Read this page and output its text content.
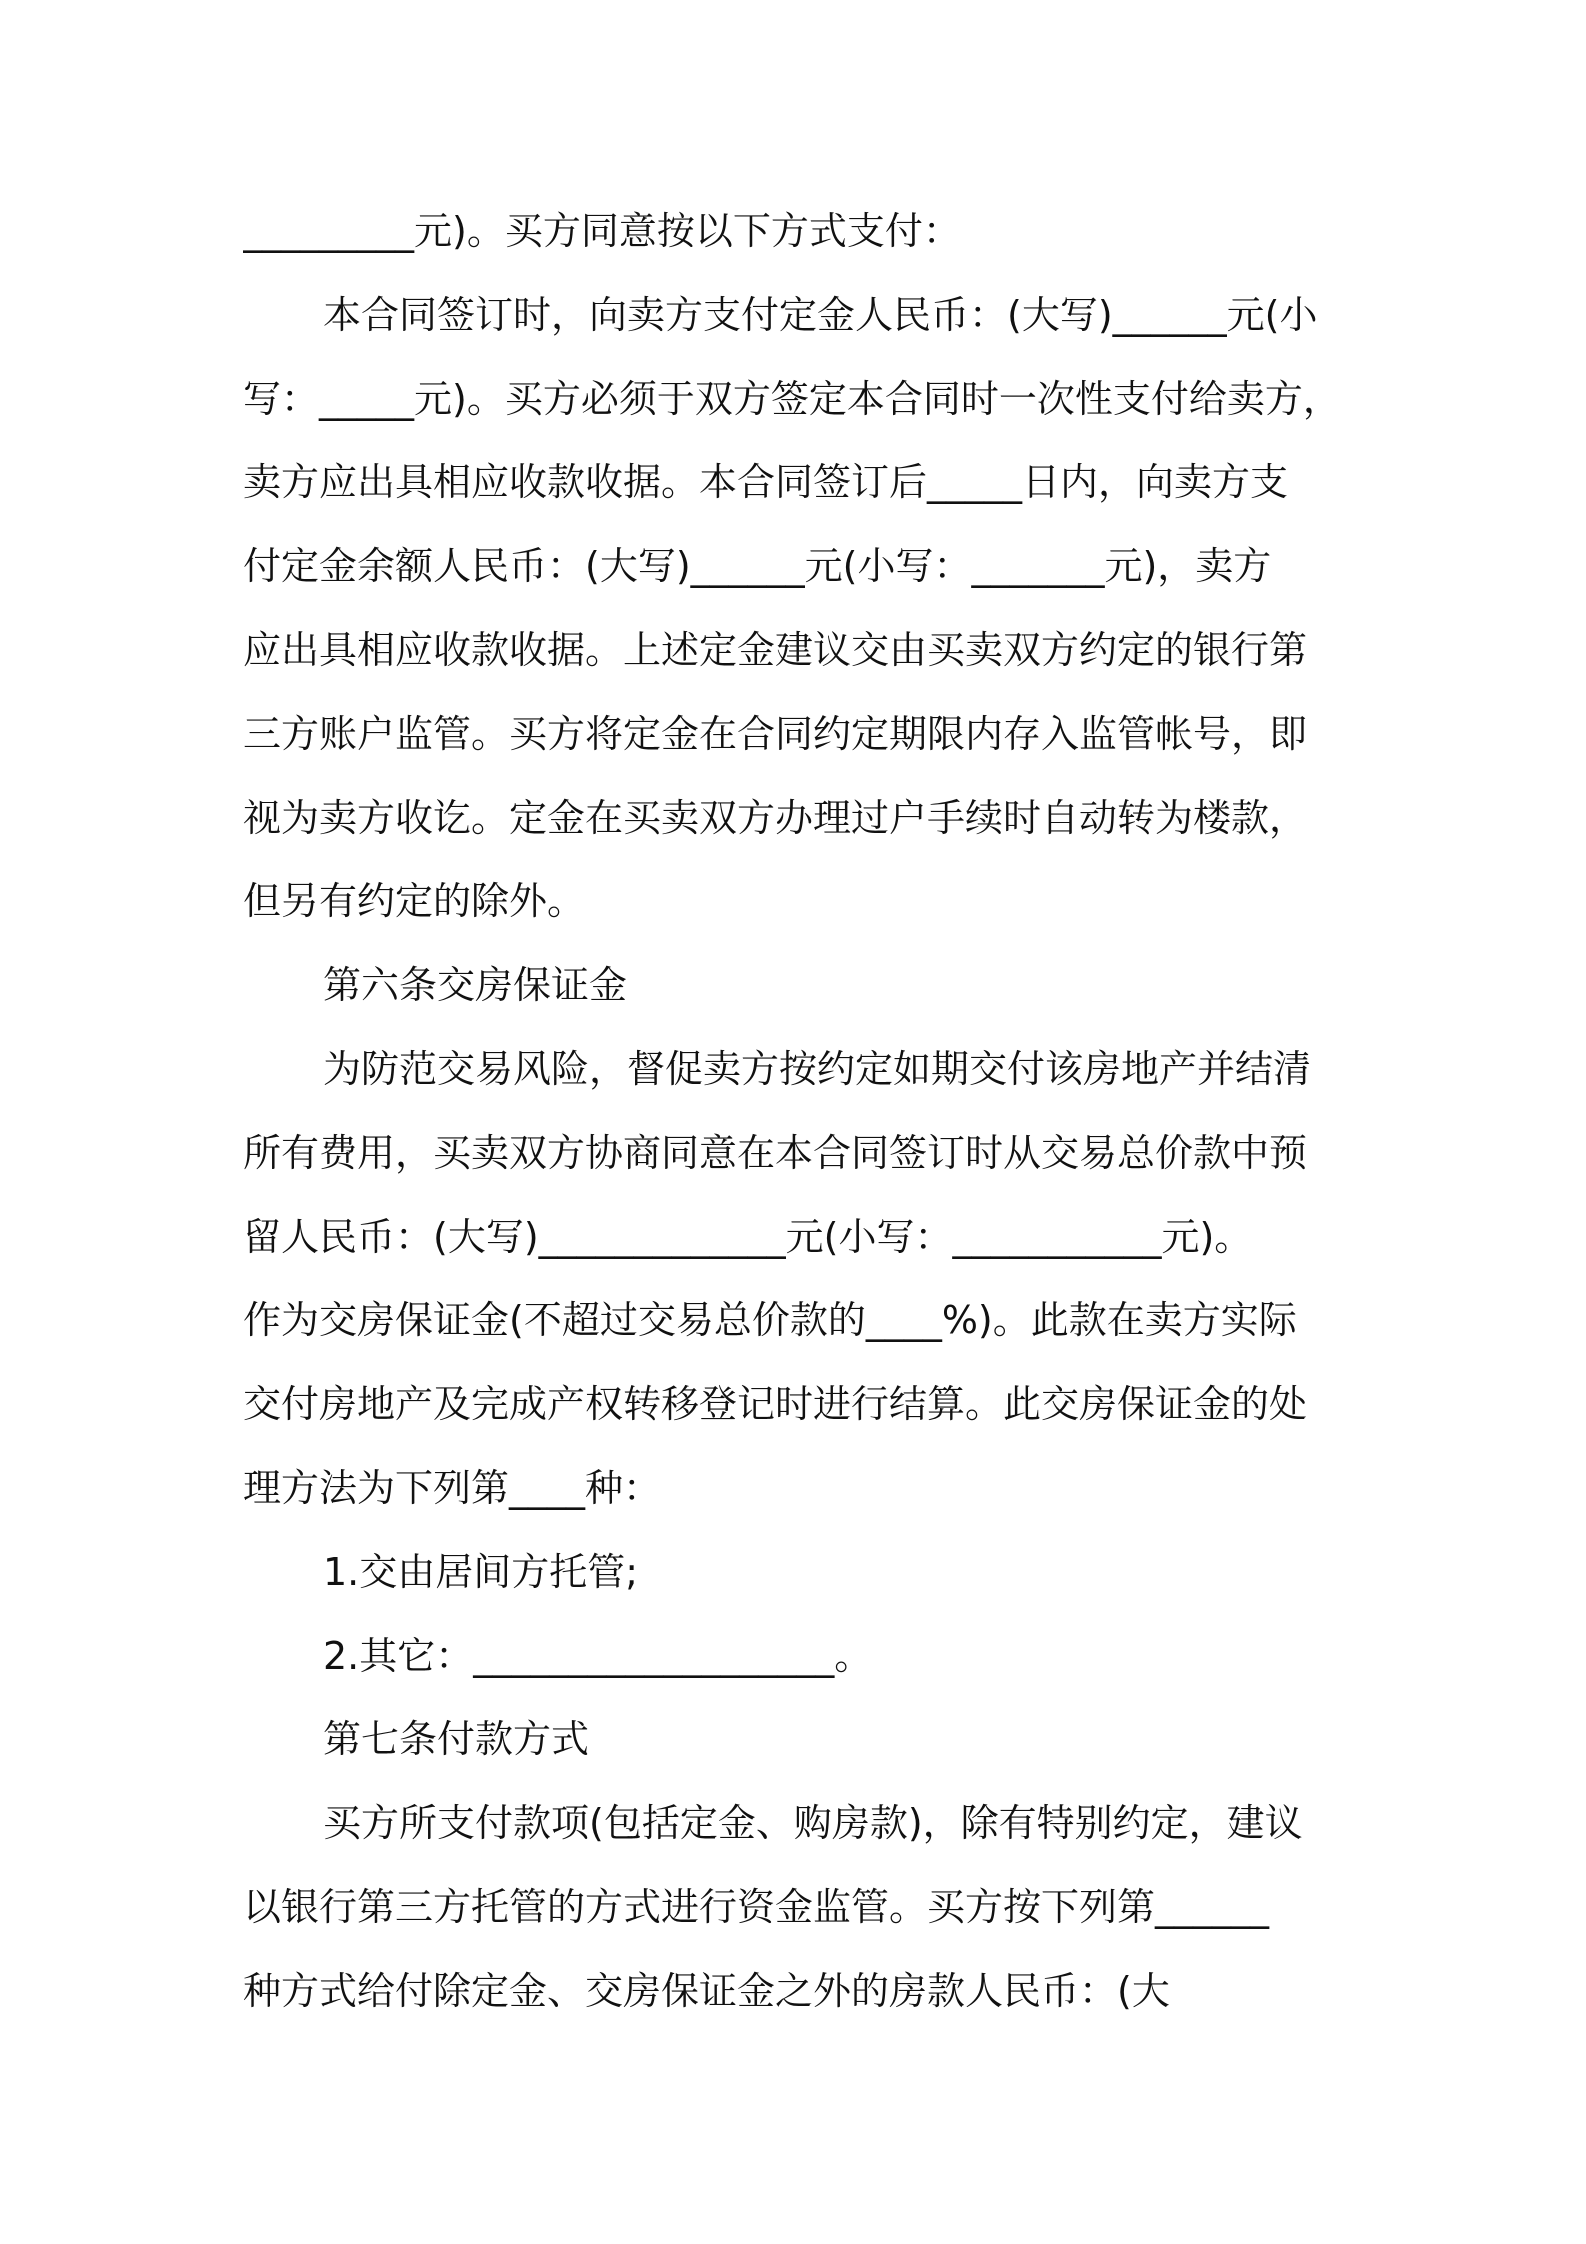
_________元)。买方同意按以下方式支付：
本合同签订时，向卖方支付定金人民币：(大写)______元(小
写：_____元)。买方必须于双方签定本合同时一次性支付给卖方，
卖方应出具相应收款收据。本合同签订后_____日内，向卖方支
付定金余额人民币：(大写)______元(小写：_______元)，卖方
应出具相应收款收据。上述定金建议交由买卖双方约定的银行第
三方账户监管。买方将定金在合同约定期限内存入监管帐号，即
视为卖方收讫。定金在买卖双方办理过户手续时自动转为楼款，
但另有约定的除外。
第六条交房保证金
为防范交易风险，督促卖方按约定如期交付该房地产并结清
所有费用，买卖双方协商同意在本合同签订时从交易总价款中预
留人民币：(大写)_____________元(小写：___________元)。
作为交房保证金(不超过交易总价款的____%)。此款在卖方实际
交付房地产及完成产权转移登记时进行结算。此交房保证金的处
理方法为下列第____种：
1.交由居间方托管;
2.其它：___________________。
第七条付款方式
买方所支付款项(包括定金、购房款)，除有特别约定，建议
以银行第三方托管的方式进行资金监管。买方按下列第______
种方式给付除定金、交房保证金之外的房款人民币：(大
